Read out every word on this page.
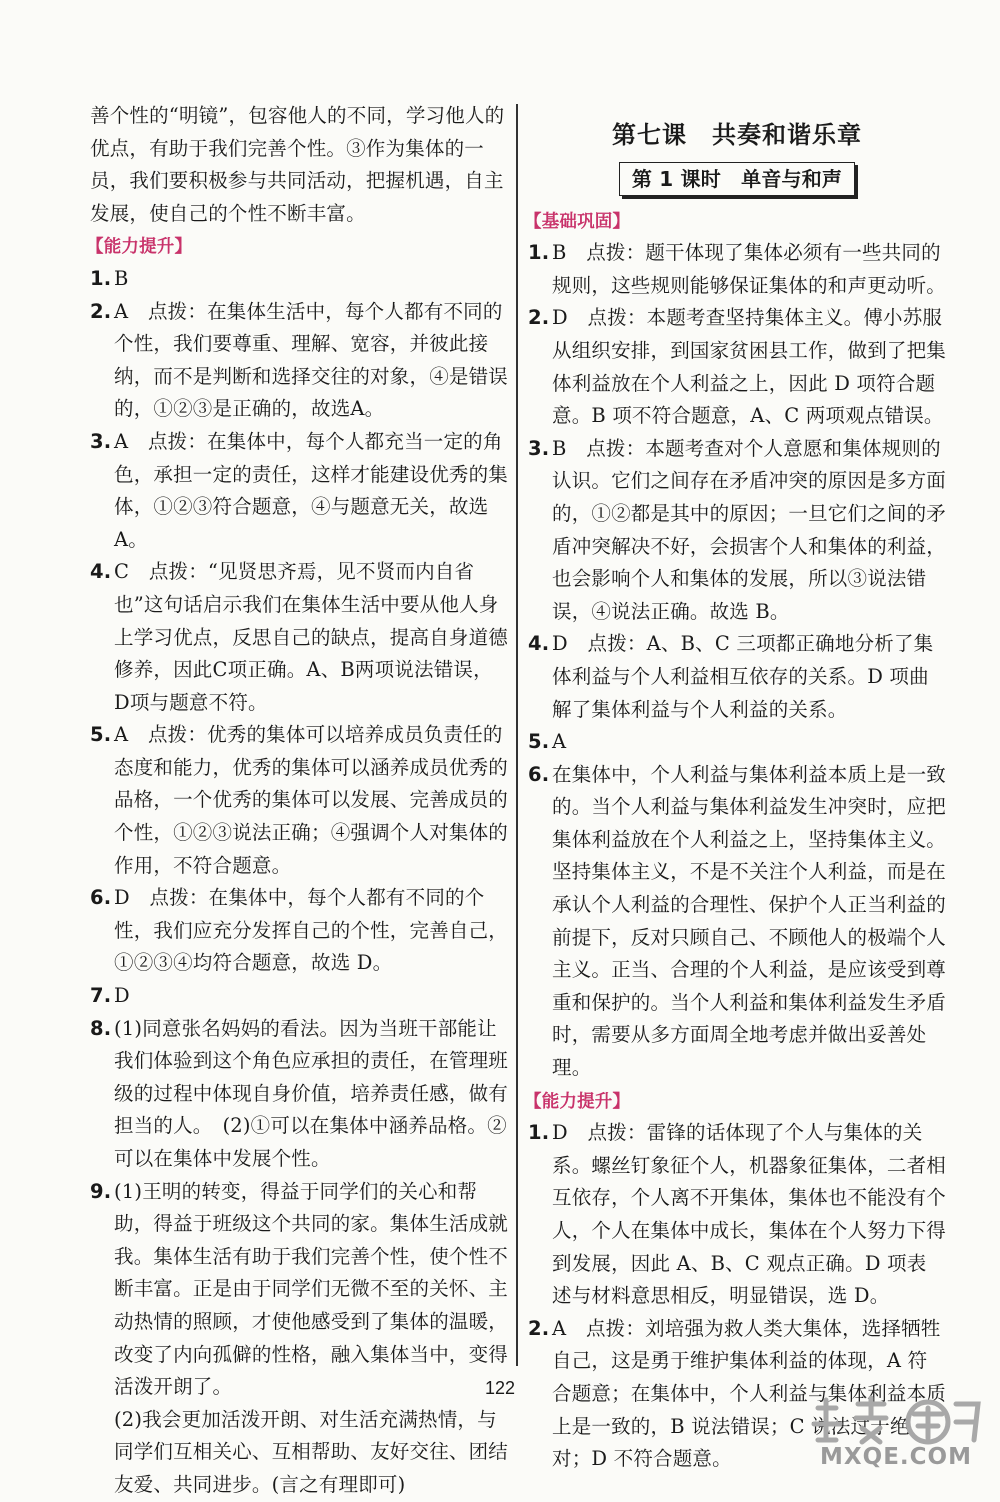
善个性的“明镜”，包容他人的不同，学习他人的优点，有助于我们完善个性。③作为集体的一员，我们要积极参与共同活动，把握机遇，自主发展，使自己的个性不断丰富。

【能力提升】

1. B

2. A　点拨：在集体生活中，每个人都有不同的个性，我们要尊重、理解、宽容，并彼此接纳，而不是判断和选择交往的对象，④是错误的，①②③是正确的，故选A。

3. A　点拨：在集体中，每个人都充当一定的角色，承担一定的责任，这样才能建设优秀的集体，①②③符合题意，④与题意无关，故选 A。

4. C　点拨：“见贤思齐焉，见不贤而内自省也”这句话启示我们在集体生活中要从他人身上学习优点，反思自己的缺点，提高自身道德修养，因此C项正确。A、B两项说法错误，D项与题意不符。

5. A　点拨：优秀的集体可以培养成员负责任的态度和能力，优秀的集体可以涵养成员优秀的品格，一个优秀的集体可以发展、完善成员的个性，①②③说法正确；④强调个人对集体的作用，不符合题意。

6. D　点拨：在集体中，每个人都有不同的个性，我们应充分发挥自己的个性，完善自己，①②③④均符合题意，故选 D。

7. D

8. (1)同意张名妈妈的看法。因为当班干部能让我们体验到这个角色应承担的责任，在管理班级的过程中体现自身价值，培养责任感，做有担当的人。　(2)①可以在集体中涵养品格。②可以在集体中发展个性。

9. (1)王明的转变，得益于同学们的关心和帮助，得益于班级这个共同的家。集体生活成就我。集体生活有助于我们完善个性，使个性不断丰富。正是由于同学们无微不至的关怀、主动热情的照顾，才使他感受到了集体的温暖，改变了内向孤僻的性格，融入集体当中，变得活泼开朗了。

(2)我会更加活泼开朗、对生活充满热情，与同学们互相关心、互相帮助、友好交往、团结友爱、共同进步。(言之有理即可)

第七课　共奏和谐乐章
第 1 课时　单音与和声
【基础巩固】

1. B　点拨：题干体现了集体必须有一些共同的规则，这些规则能够保证集体的和声更动听。

2. D　点拨：本题考查坚持集体主义。傅小苏服从组织安排，到国家贫困县工作，做到了把集体利益放在个人利益之上，因此 D 项符合题意。B 项不符合题意，A、C 两项观点错误。

3. B　点拨：本题考查对个人意愿和集体规则的认识。它们之间存在矛盾冲突的原因是多方面的，①②都是其中的原因；一旦它们之间的矛盾冲突解决不好，会损害个人和集体的利益，也会影响个人和集体的发展，所以③说法错误，④说法正确。故选 B。

4. D　点拨：A、B、C 三项都正确地分析了集体利益与个人利益相互依存的关系。D 项曲解了集体利益与个人利益的关系。

5. A

6. 在集体中，个人利益与集体利益本质上是一致的。当个人利益与集体利益发生冲突时，应把集体利益放在个人利益之上，坚持集体主义。坚持集体主义，不是不关注个人利益，而是在承认个人利益的合理性、保护个人正当利益的前提下，反对只顾自己、不顾他人的极端个人主义。正当、合理的个人利益，是应该受到尊重和保护的。当个人利益和集体利益发生矛盾时，需要从多方面周全地考虑并做出妥善处理。

【能力提升】

1. D　点拨：雷锋的话体现了个人与集体的关系。螺丝钉象征个人，机器象征集体，二者相互依存，个人离不开集体，集体也不能没有个人，个人在集体中成长，集体在个人努力下得到发展，因此 A、B、C 观点正确。D 项表述与材料意思相反，明显错误，选 D。

2. A　点拨：刘培强为救人类大集体，选择牺牲自己，这是勇于维护集体利益的体现，A 符合题意；在集体中，个人利益与集体利益本质上是一致的，B 说法错误；C 说法过于绝对；D 不符合题意。

122
MXQE.COM
